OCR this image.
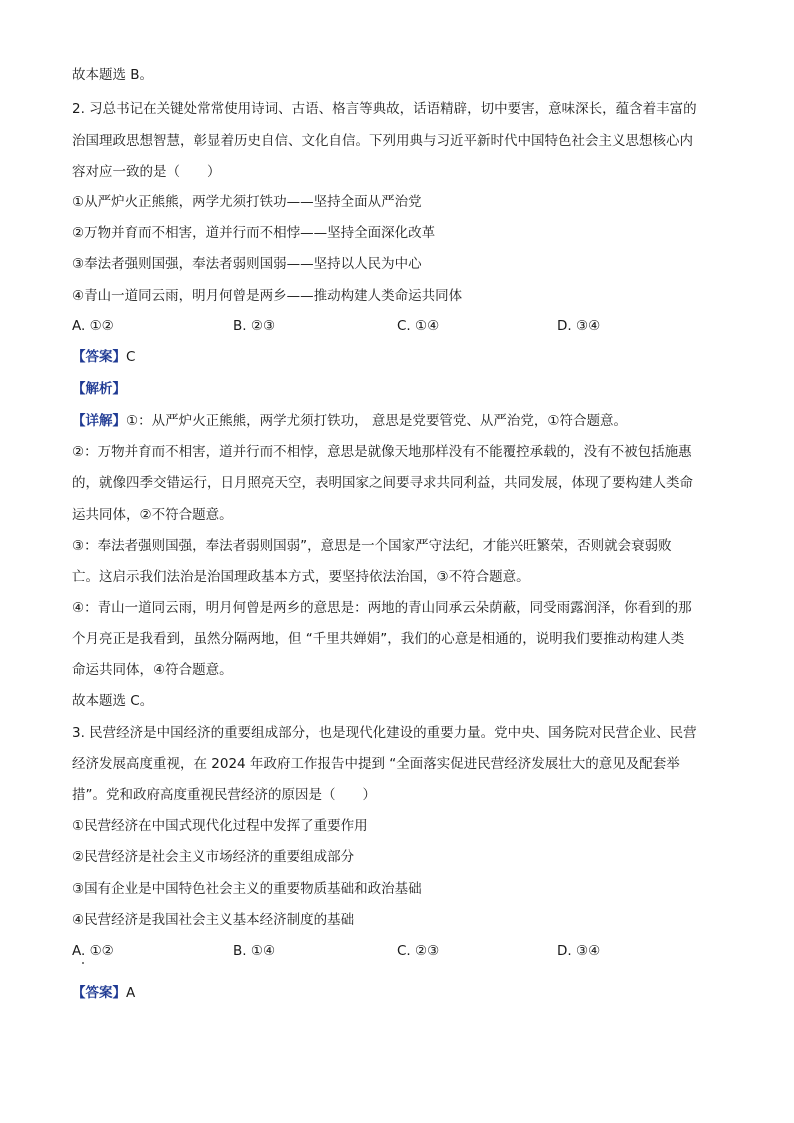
故本题选 B。
2. 习总书记在关键处常常使用诗词、古语、格言等典故，话语精辟，切中要害，意味深长，蕴含着丰富的
治国理政思想智慧，彰显着历史自信、文化自信。下列用典与习近平新时代中国特色社会主义思想核心内
容对应一致的是（　　）
①从严炉火正熊熊，两学尤须打铁功——坚持全面从严治党
②万物并育而不相害，道并行而不相悖——坚持全面深化改革
③奉法者强则国强，奉法者弱则国弱——坚持以人民为中心
④青山一道同云雨，明月何曾是两乡——推动构建人类命运共同体
A. ①②	B. ②③	C. ①④	D. ③④
【答案】C
【解析】
【详解】①：从严炉火正熊熊，两学尤须打铁功， 意思是党要管党、从严治党，①符合题意。
②：万物并育而不相害，道并行而不相悖，意思是就像天地那样没有不能覆控承载的，没有不被包括施惠
的，就像四季交错运行，日月照亮天空，表明国家之间要寻求共同利益，共同发展，体现了要构建人类命
运共同体，②不符合题意。
③：奉法者强则国强，奉法者弱则国弱”，意思是一个国家严守法纪，才能兴旺繁荣，否则就会衰弱败
亡。这启示我们法治是治国理政基本方式，要坚持依法治国，③不符合题意。
④：青山一道同云雨，明月何曾是两乡的意思是：两地的青山同承云朵荫蔽，同受雨露润泽，你看到的那
个月亮正是我看到，虽然分隔两地，但 “千里共婵娟”，我们的心意是相通的，说明我们要推动构建人类
命运共同体，④符合题意。
故本题选 C。
3. 民营经济是中国经济的重要组成部分，也是现代化建设的重要力量。党中央、国务院对民营企业、民营
经济发展高度重视，在 2024 年政府工作报告中提到 “全面落实促进民营经济发展壮大的意见及配套举
措”。党和政府高度重视民营经济的原因是（　　）
①民营经济在中国式现代化过程中发挥了重要作用
②民营经济是社会主义市场经济的重要组成部分
③国有企业是中国特色社会主义的重要物质基础和政治基础
④民营经济是我国社会主义基本经济制度的基础
A. ①②	B. ①④	C. ②③	D. ③④
【答案】A
